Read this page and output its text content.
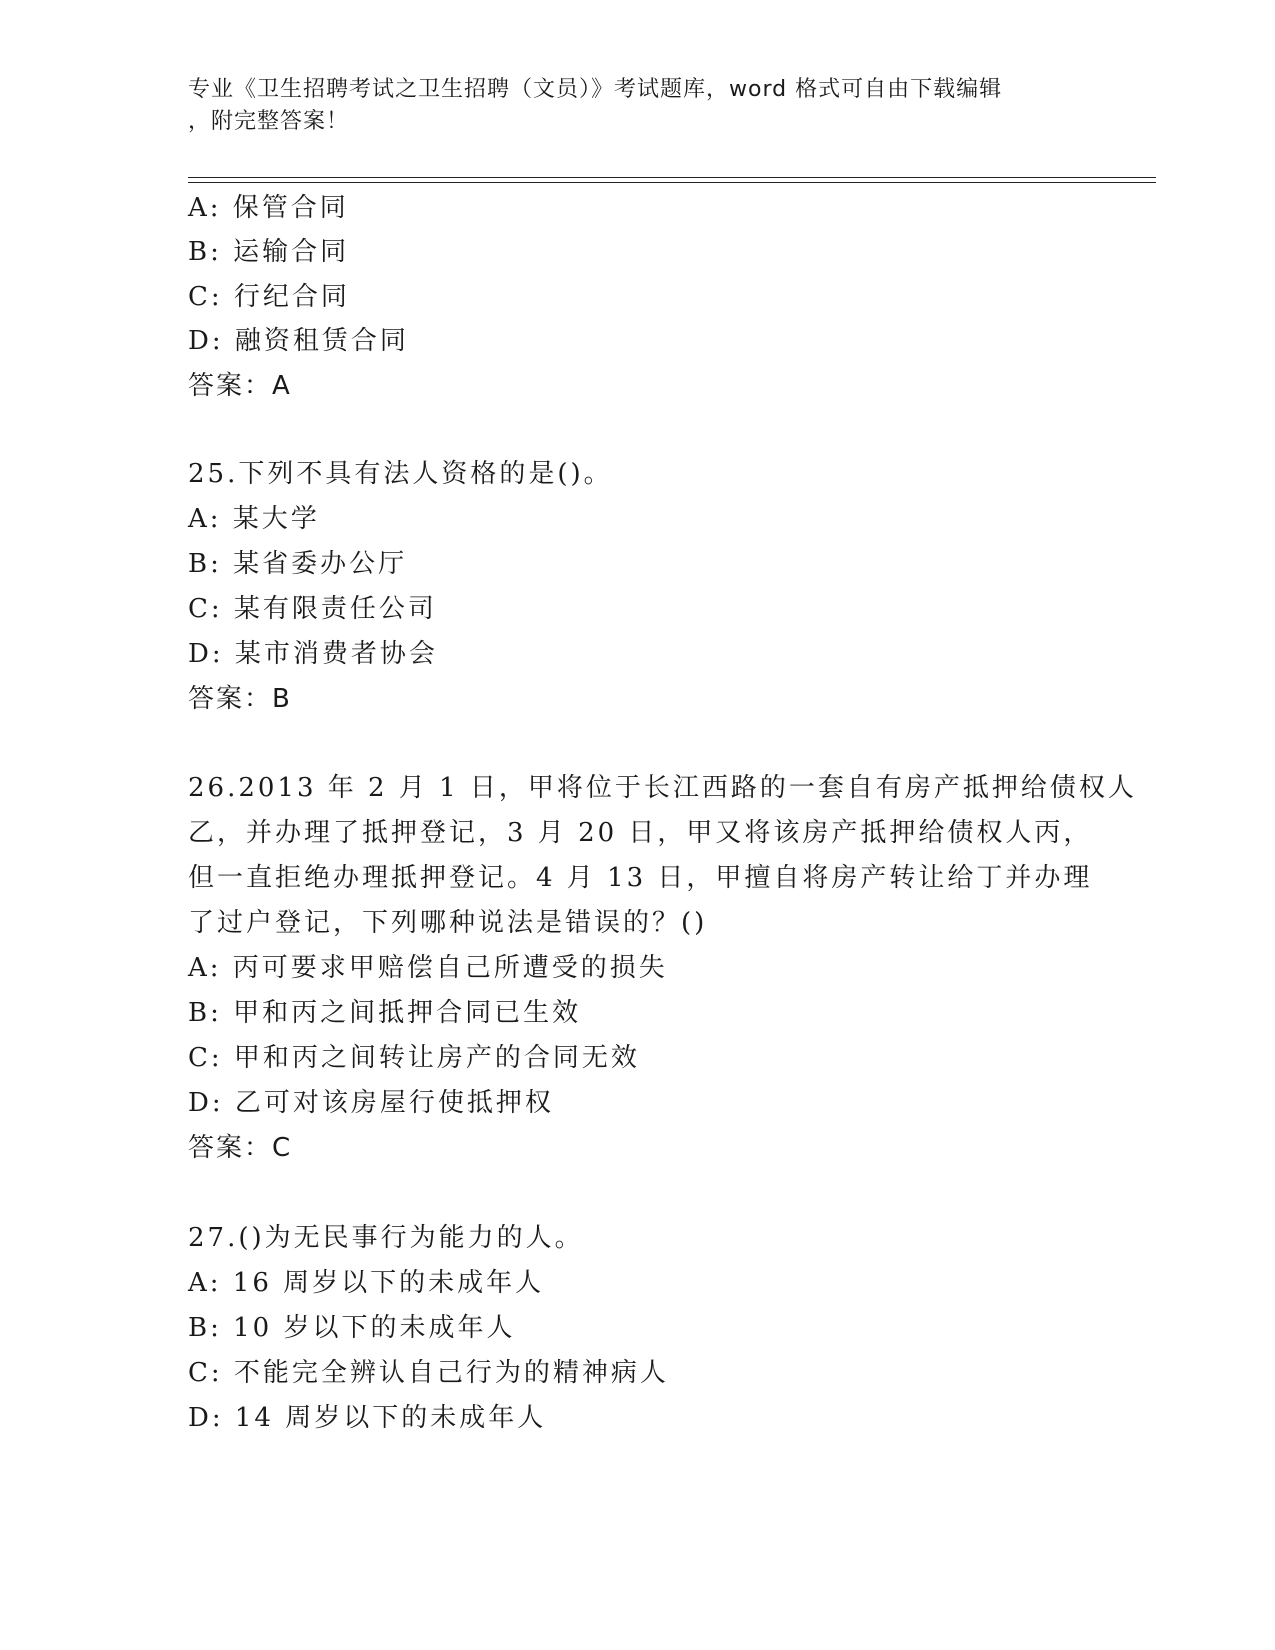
专业《卫生招聘考试之卫生招聘（文员）》考试题库，word 格式可自由下载编辑
，附完整答案！
A: 保管合同
B: 运输合同
C: 行纪合同
D: 融资租赁合同
答案：A
25.下列不具有法人资格的是()。
A: 某大学
B: 某省委办公厅
C: 某有限责任公司
D: 某市消费者协会
答案：B
26.2013 年 2 月 1 日，甲将位于长江西路的一套自有房产抵押给债权人
乙，并办理了抵押登记，3 月 20 日，甲又将该房产抵押给债权人丙，
但一直拒绝办理抵押登记。4 月 13 日，甲擅自将房产转让给丁并办理
了过户登记，下列哪种说法是错误的？()
A: 丙可要求甲赔偿自己所遭受的损失
B: 甲和丙之间抵押合同已生效
C: 甲和丙之间转让房产的合同无效
D: 乙可对该房屋行使抵押权
答案：C
27.()为无民事行为能力的人。
A: 16 周岁以下的未成年人
B: 10 岁以下的未成年人
C: 不能完全辨认自己行为的精神病人
D: 14 周岁以下的未成年人
